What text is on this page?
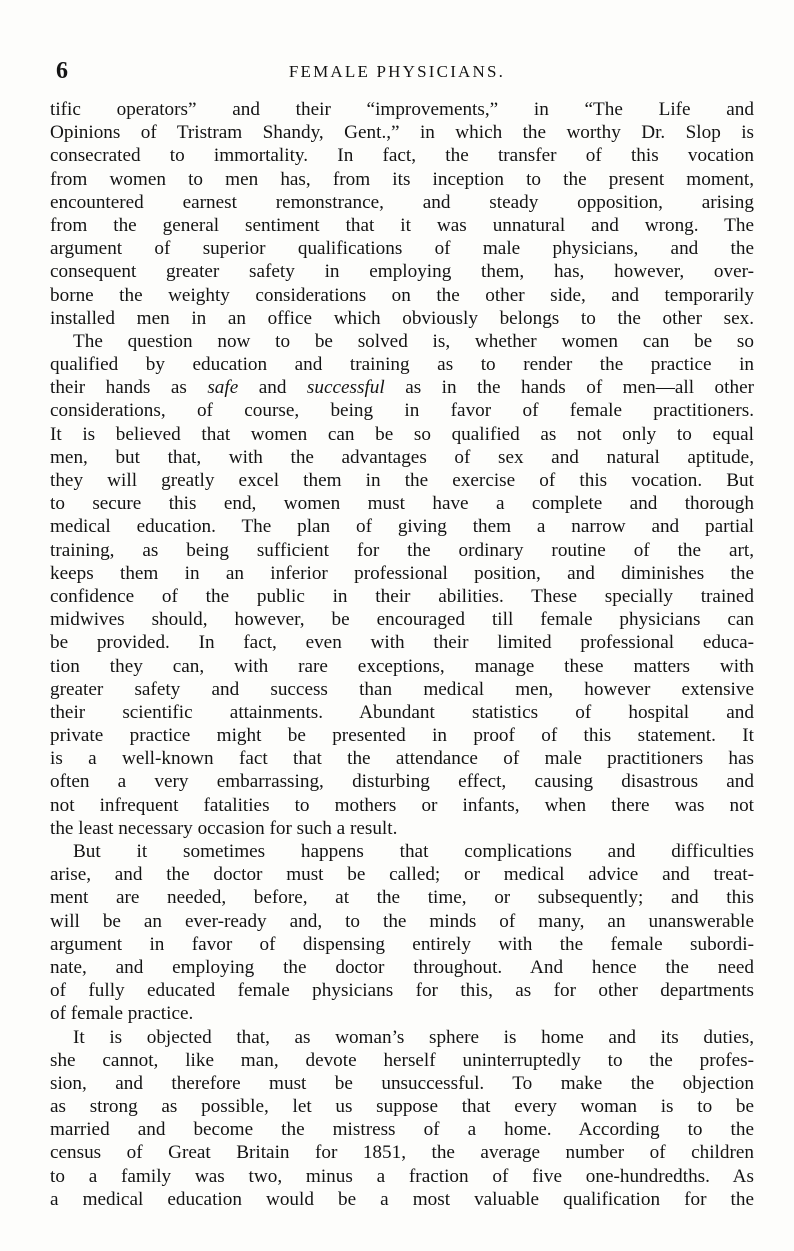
6	FEMALE PHYSICIANS.
tific operators” and their “improvements,” in “The Life and
Opinions of Tristram Shandy, Gent.,” in which the worthy Dr. Slop is
consecrated to immortality. In fact, the transfer of this vocation
from women to men has, from its inception to the present moment,
encountered earnest remonstrance, and steady opposition, arising
from the general sentiment that it was unnatural and wrong. The
argument of superior qualifications of male physicians, and the
consequent greater safety in employing them, has, however, over-
borne the weighty considerations on the other side, and temporarily
installed men in an office which obviously belongs to the other sex.
The question now to be solved is, whether women can be so
qualified by education and training as to render the practice in
their hands as safe and successful as in the hands of men—all other
considerations, of course, being in favor of female practitioners.
It is believed that women can be so qualified as not only to equal
men, but that, with the advantages of sex and natural aptitude,
they will greatly excel them in the exercise of this vocation. But
to secure this end, women must have a complete and thorough
medical education. The plan of giving them a narrow and partial
training, as being sufficient for the ordinary routine of the art,
keeps them in an inferior professional position, and diminishes the
confidence of the public in their abilities. These specially trained
midwives should, however, be encouraged till female physicians can
be provided. In fact, even with their limited professional educa-
tion they can, with rare exceptions, manage these matters with
greater safety and success than medical men, however extensive
their scientific attainments. Abundant statistics of hospital and
private practice might be presented in proof of this statement. It
is a well-known fact that the attendance of male practitioners has
often a very embarrassing, disturbing effect, causing disastrous and
not infrequent fatalities to mothers or infants, when there was not
the least necessary occasion for such a result.
But it sometimes happens that complications and difficulties
arise, and the doctor must be called; or medical advice and treat-
ment are needed, before, at the time, or subsequently; and this
will be an ever-ready and, to the minds of many, an unanswerable
argument in favor of dispensing entirely with the female subordi-
nate, and employing the doctor throughout. And hence the need
of fully educated female physicians for this, as for other departments
of female practice.
It is objected that, as woman’s sphere is home and its duties,
she cannot, like man, devote herself uninterruptedly to the profes-
sion, and therefore must be unsuccessful. To make the objection
as strong as possible, let us suppose that every woman is to be
married and become the mistress of a home. According to the
census of Great Britain for 1851, the average number of children
to a family was two, minus a fraction of five one-hundredths. As
a medical education would be a most valuable qualification for the
